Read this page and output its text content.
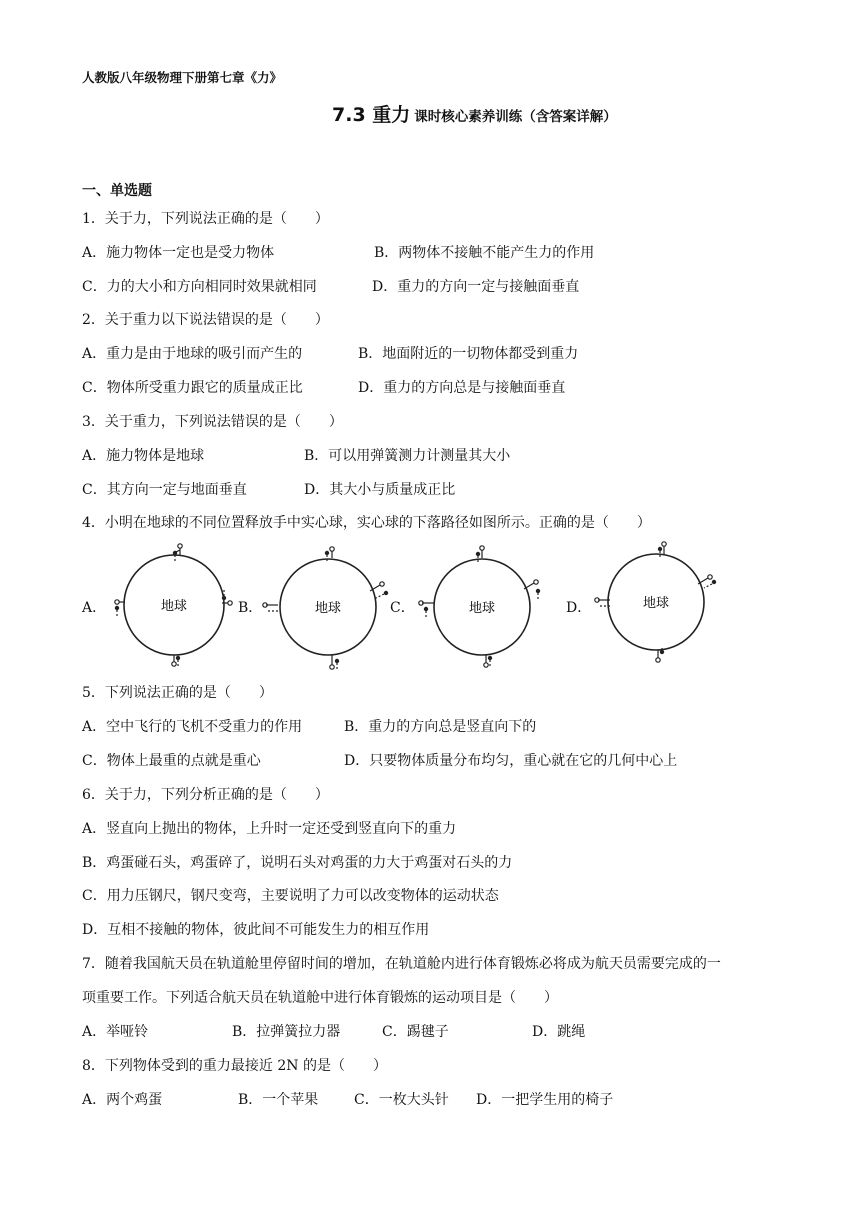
人教版八年级物理下册第七章《力》
7.3 重力 课时核心素养训练（含答案详解）
一、单选题
1．关于力，下列说法正确的是（　　）
A．施力物体一定也是受力物体	B．两物体不接触不能产生力的作用
C．力的大小和方向相同时效果就相同	D．重力的方向一定与接触面垂直
2．关于重力以下说法错误的是（　　）
A．重力是由于地球的吸引而产生的	B．地面附近的一切物体都受到重力
C．物体所受重力跟它的质量成正比	D．重力的方向总是与接触面垂直
3．关于重力，下列说法错误的是（　　）
A．施力物体是地球	B．可以用弹簧测力计测量其大小
C．其方向一定与地面垂直	D．其大小与质量成正比
4．小明在地球的不同位置释放手中实心球，实心球的下落路径如图所示。正确的是（　　）
A．	B．	C．	D．
地球	地球	地球	地球
5．下列说法正确的是（　　）
A．空中飞行的飞机不受重力的作用	B．重力的方向总是竖直向下的
C．物体上最重的点就是重心	D．只要物体质量分布均匀，重心就在它的几何中心上
6．关于力，下列分析正确的是（　　）
A．竖直向上抛出的物体，上升时一定还受到竖直向下的重力
B．鸡蛋碰石头，鸡蛋碎了，说明石头对鸡蛋的力大于鸡蛋对石头的力
C．用力压钢尺，钢尺变弯，主要说明了力可以改变物体的运动状态
D．互相不接触的物体，彼此间不可能发生力的相互作用
7．随着我国航天员在轨道舱里停留时间的增加，在轨道舱内进行体育锻炼必将成为航天员需要完成的一
项重要工作。下列适合航天员在轨道舱中进行体育锻炼的运动项目是（　　）
A．举哑铃	B．拉弹簧拉力器	C．踢毽子	D．跳绳
8．下列物体受到的重力最接近 2N 的是（　　）
A．两个鸡蛋	B．一个苹果	C．一枚大头针 D．一把学生用的椅子
